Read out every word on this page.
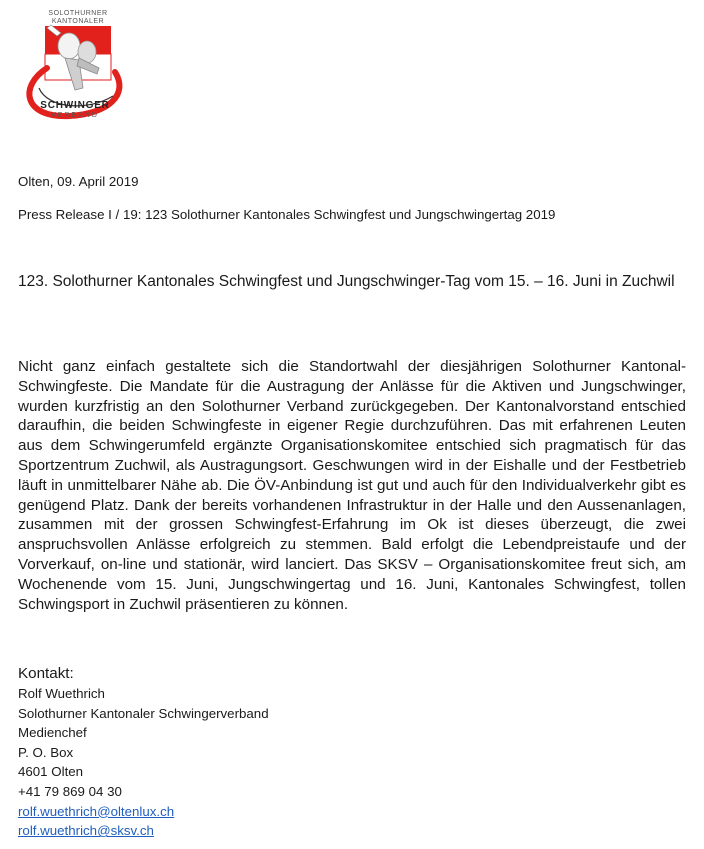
SOLOTHURNER
KANTONALER
SCHWINGER
VERBAND

Olten, 09. April 2019

Press Release I / 19: 123 Solothurner Kantonales Schwingfest und Jungschwingertag 2019

123. Solothurner Kantonales Schwingfest und Jungschwinger-Tag vom 15. – 16. Juni in Zuchwil

Nicht ganz einfach gestaltete sich die Standortwahl der diesjährigen Solothurner Kantonal-Schwingfeste. Die Mandate für die Austragung der Anlässe für die Aktiven und Jungschwinger, wurden kurzfristig an den Solothurner Verband zurückgegeben. Der Kantonalvorstand entschied daraufhin, die beiden Schwingfeste in eigener Regie durchzuführen. Das mit erfahrenen Leuten aus dem Schwingerumfeld ergänzte Organisationskomitee entschied sich pragmatisch für das Sportzentrum Zuchwil, als Austragungsort. Geschwungen wird in der Eishalle und der Festbetrieb läuft in unmittelbarer Nähe ab. Die ÖV-Anbindung ist gut und auch für den Individualverkehr gibt es genügend Platz. Dank der bereits vorhandenen Infrastruktur in der Halle und den Aussenanlagen, zusammen mit der grossen Schwingfest-Erfahrung im Ok ist dieses überzeugt, die zwei anspruchsvollen Anlässe erfolgreich zu stemmen. Bald erfolgt die Lebendpreistaufe und der Vorverkauf, on-line und stationär, wird lanciert. Das SKSV – Organisationskomitee freut sich, am Wochenende vom 15. Juni, Jungschwingertag und 16. Juni, Kantonales Schwingfest, tollen Schwingsport in Zuchwil präsentieren zu können.

Kontakt:

Rolf Wuethrich
Solothurner Kantonaler Schwingerverband
Medienchef
P. O. Box
4601 Olten
+41 79 869 04 30
rolf.wuethrich@oltenlux.ch
rolf.wuethrich@sksv.ch
